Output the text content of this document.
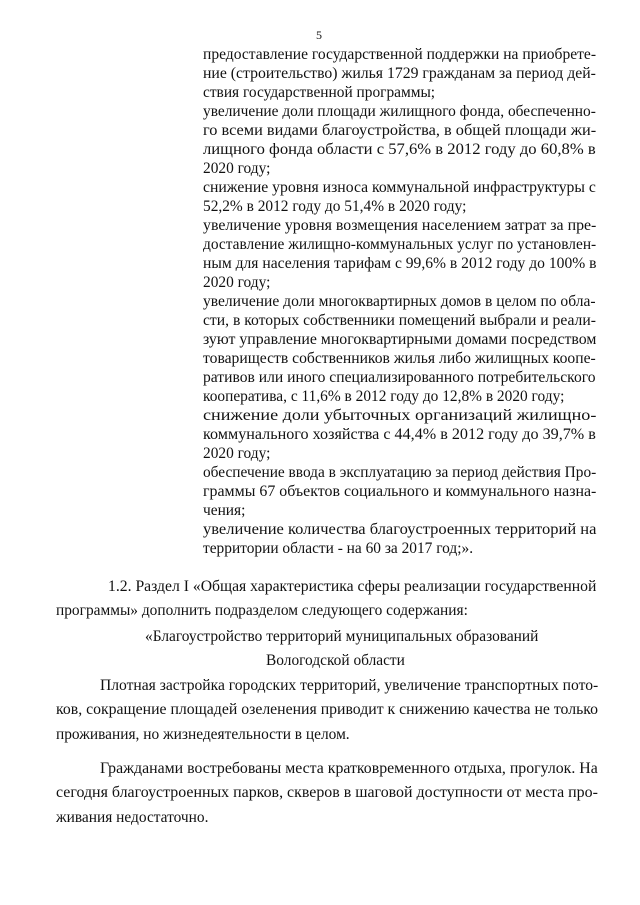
5
предоставление государственной поддержки на приобрете-
ние (строительство) жилья 1729 гражданам за период дей-
ствия государственной программы;
увеличение доли площади жилищного фонда, обеспеченно-
го всеми видами благоустройства, в общей площади жи-
лищного фонда области с 57,6% в 2012 году до 60,8% в
2020 году;
снижение уровня износа коммунальной инфраструктуры с
52,2% в 2012 году до 51,4% в 2020 году;
увеличение уровня возмещения населением затрат за пре-
доставление жилищно-коммунальных услуг по установлен-
ным для населения тарифам с 99,6% в 2012 году до 100% в
2020 году;
увеличение доли многоквартирных домов в целом по обла-
сти, в которых собственники помещений выбрали и реали-
зуют управление многоквартирными домами посредством
товариществ собственников жилья либо жилищных коопе-
ративов или иного специализированного потребительского
кооператива, с 11,6% в 2012 году до 12,8% в 2020 году;
снижение доли убыточных организаций жилищно-
коммунального хозяйства с 44,4% в 2012 году до 39,7% в
2020 году;
обеспечение ввода в эксплуатацию за период действия Про-
граммы 67 объектов социального и коммунального назна-
чения;
увеличение количества благоустроенных территорий на
территории области - на 60 за 2017 год;».
1.2. Раздел I «Общая характеристика сферы реализации государственной
программы» дополнить подразделом следующего содержания:
«Благоустройство территорий муниципальных образований
Вологодской области
Плотная застройка городских территорий, увеличение транспортных пото-
ков, сокращение площадей озеленения приводит к снижению качества не только
проживания, но жизнедеятельности в целом.
Гражданами востребованы места кратковременного отдыха, прогулок. На
сегодня благоустроенных парков, скверов в шаговой доступности от места про-
живания недостаточно.
